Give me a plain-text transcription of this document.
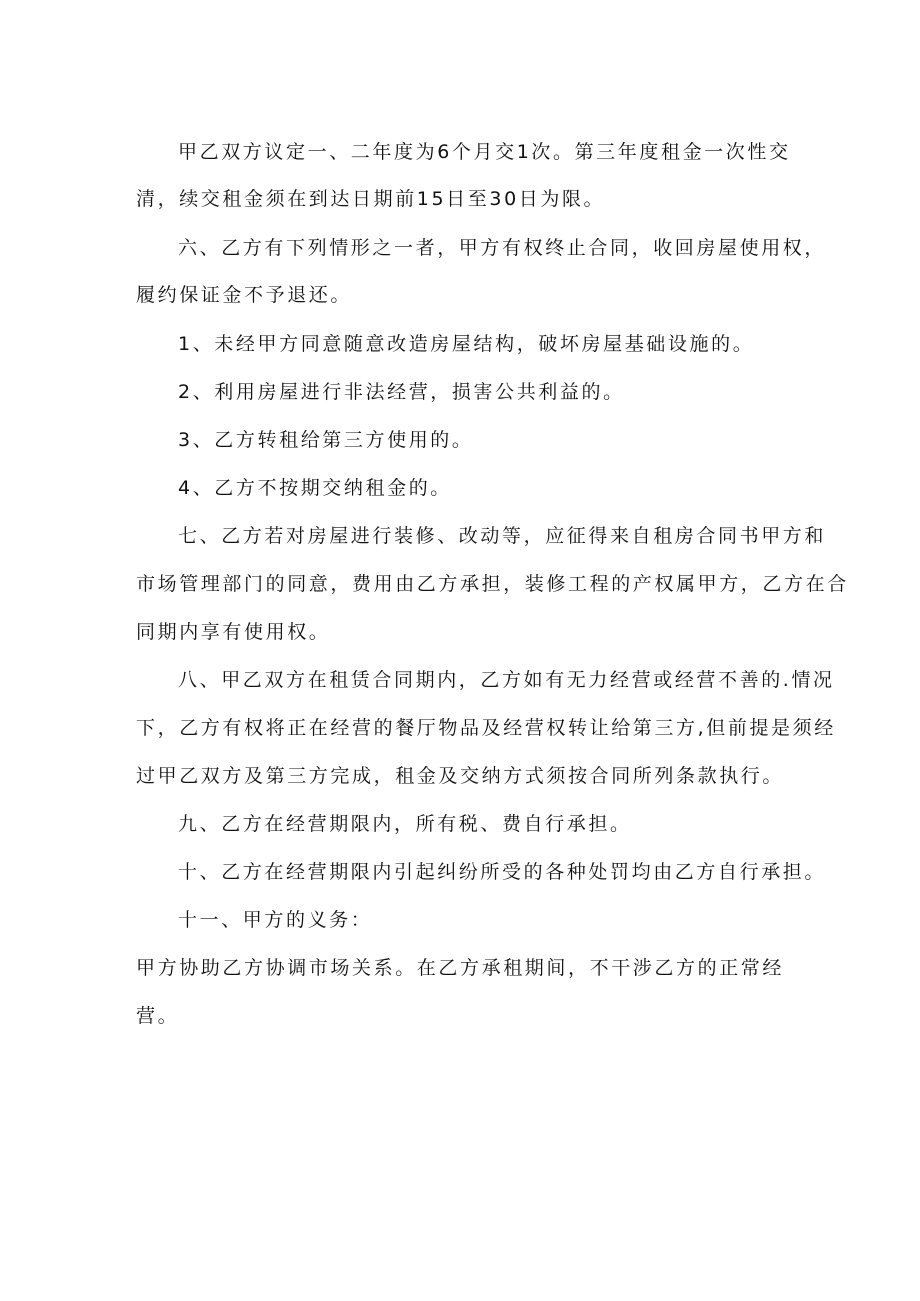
甲乙双方议定一、二年度为6个月交1次。第三年度租金一次性交
清，续交租金须在到达日期前15日至30日为限。
六、乙方有下列情形之一者，甲方有权终止合同，收回房屋使用权，
履约保证金不予退还。
1、未经甲方同意随意改造房屋结构，破坏房屋基础设施的。
2、利用房屋进行非法经营，损害公共利益的。
3、乙方转租给第三方使用的。
4、乙方不按期交纳租金的。
七、乙方若对房屋进行装修、改动等，应征得来自租房合同书甲方和
市场管理部门的同意，费用由乙方承担，装修工程的产权属甲方，乙方在合
同期内享有使用权。
八、甲乙双方在租赁合同期内，乙方如有无力经营或经营不善的.情况
下，乙方有权将正在经营的餐厅物品及经营权转让给第三方,但前提是须经
过甲乙双方及第三方完成，租金及交纳方式须按合同所列条款执行。
九、乙方在经营期限内，所有税、费自行承担。
十、乙方在经营期限内引起纠纷所受的各种处罚均由乙方自行承担。
十一、甲方的义务：
甲方协助乙方协调市场关系。在乙方承租期间，不干涉乙方的正常经
营。
